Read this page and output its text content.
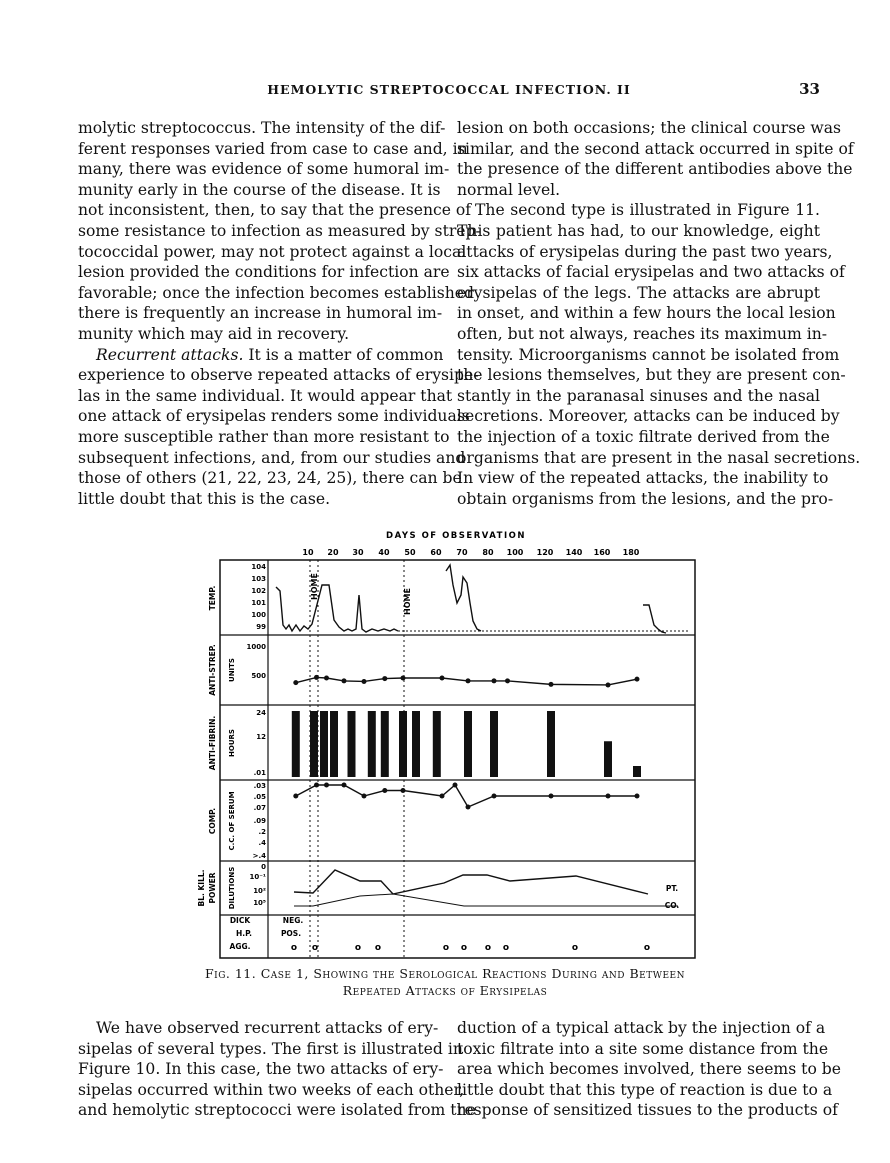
HEMOLYTIC STREPTOCOCCAL INFECTION. II	33
molytic streptococcus. The intensity of the dif-
ferent responses varied from case to case and, in
many, there was evidence of some humoral im-
munity early in the course of the disease. It is
not inconsistent, then, to say that the presence of
some resistance to infection as measured by strep-
tococcidal power, may not protect against a local
lesion provided the conditions for infection are
favorable; once the infection becomes established
there is frequently an increase in humoral im-
munity which may aid in recovery.
Recurrent attacks. It is a matter of common
experience to observe repeated attacks of erysipe-
las in the same individual. It would appear that
one attack of erysipelas renders some individuals
more susceptible rather than more resistant to
subsequent infections, and, from our studies and
those of others (21, 22, 23, 24, 25), there can be
little doubt that this is the case.
lesion on both occasions; the clinical course was
similar, and the second attack occurred in spite of
the presence of the different antibodies above the
normal level.
The second type is illustrated in Figure 11.
This patient has had, to our knowledge, eight
attacks of erysipelas during the past two years,
six attacks of facial erysipelas and two attacks of
erysipelas of the legs. The attacks are abrupt
in onset, and within a few hours the local lesion
often, but not always, reaches its maximum in-
tensity. Microorganisms cannot be isolated from
the lesions themselves, but they are present con-
stantly in the paranasal sinuses and the nasal
secretions. Moreover, attacks can be induced by
the injection of a toxic filtrate derived from the
organisms that are present in the nasal secretions.
In view of the repeated attacks, the inability to
obtain organisms from the lesions, and the pro-
We have observed recurrent attacks of ery-
sipelas of several types. The first is illustrated in
Figure 10. In this case, the two attacks of ery-
sipelas occurred within two weeks of each other,
and hemolytic streptococci were isolated from the
duction of a typical attack by the injection of a
toxic filtrate into a site some distance from the
area which becomes involved, there seems to be
little doubt that this type of reaction is due to a
response of sensitized tissues to the products of
HOME
HOME
DAYS OF OBSERVATION
10 20 30 40 50 60 70 80 100 120 140 160 180
TEMP.
ANTI-STREP. UNITS
ANTI-FIBRIN. HOURS
COMP. C.C. OF SERUM
BL. KILL. POWER DILUTIONS
DICK
H.P.
AGG.
NEG.
POS.
PT.
CO.
104
103
102
101
100
99
1000
500
24
12
.01
.03
.05
.07
.09
.2
.4
>.4
0
10⁻¹
10²
10⁵
o o	o o	o o o o	o	o
Fig. 11. Case 1, Showing the Serological Reactions During and Between
Repeated Attacks of Erysipelas
